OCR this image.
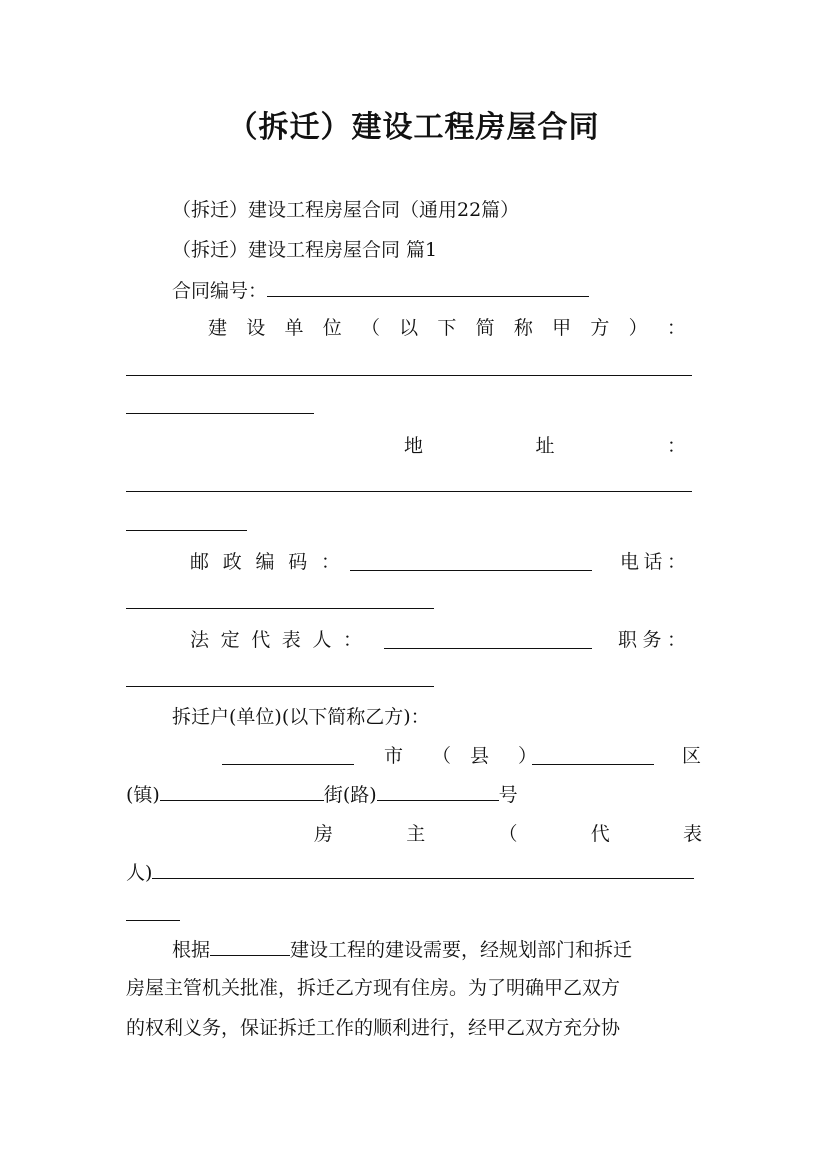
（拆迁）建设工程房屋合同

（拆迁）建设工程房屋合同（通用22篇）

（拆迁）建设工程房屋合同 篇1

合同编号：

建 设 单 位 （ 以 下 简 称 甲 方 ） ：
地	址	：
邮 政 编 码 ：	电 话 ：
法 定 代 表 人 ：	职 务 ：

拆迁户(单位)(以下简称乙方)：

市 （ 县 ）	区
(镇)	街(路)	号
房	主	（	代	表
人)
根据	建设工程的建设需要，经规划部门和拆迁

房屋主管机关批准，拆迁乙方现有住房。为了明确甲乙双方

的权利义务，保证拆迁工作的顺利进行，经甲乙双方充分协
